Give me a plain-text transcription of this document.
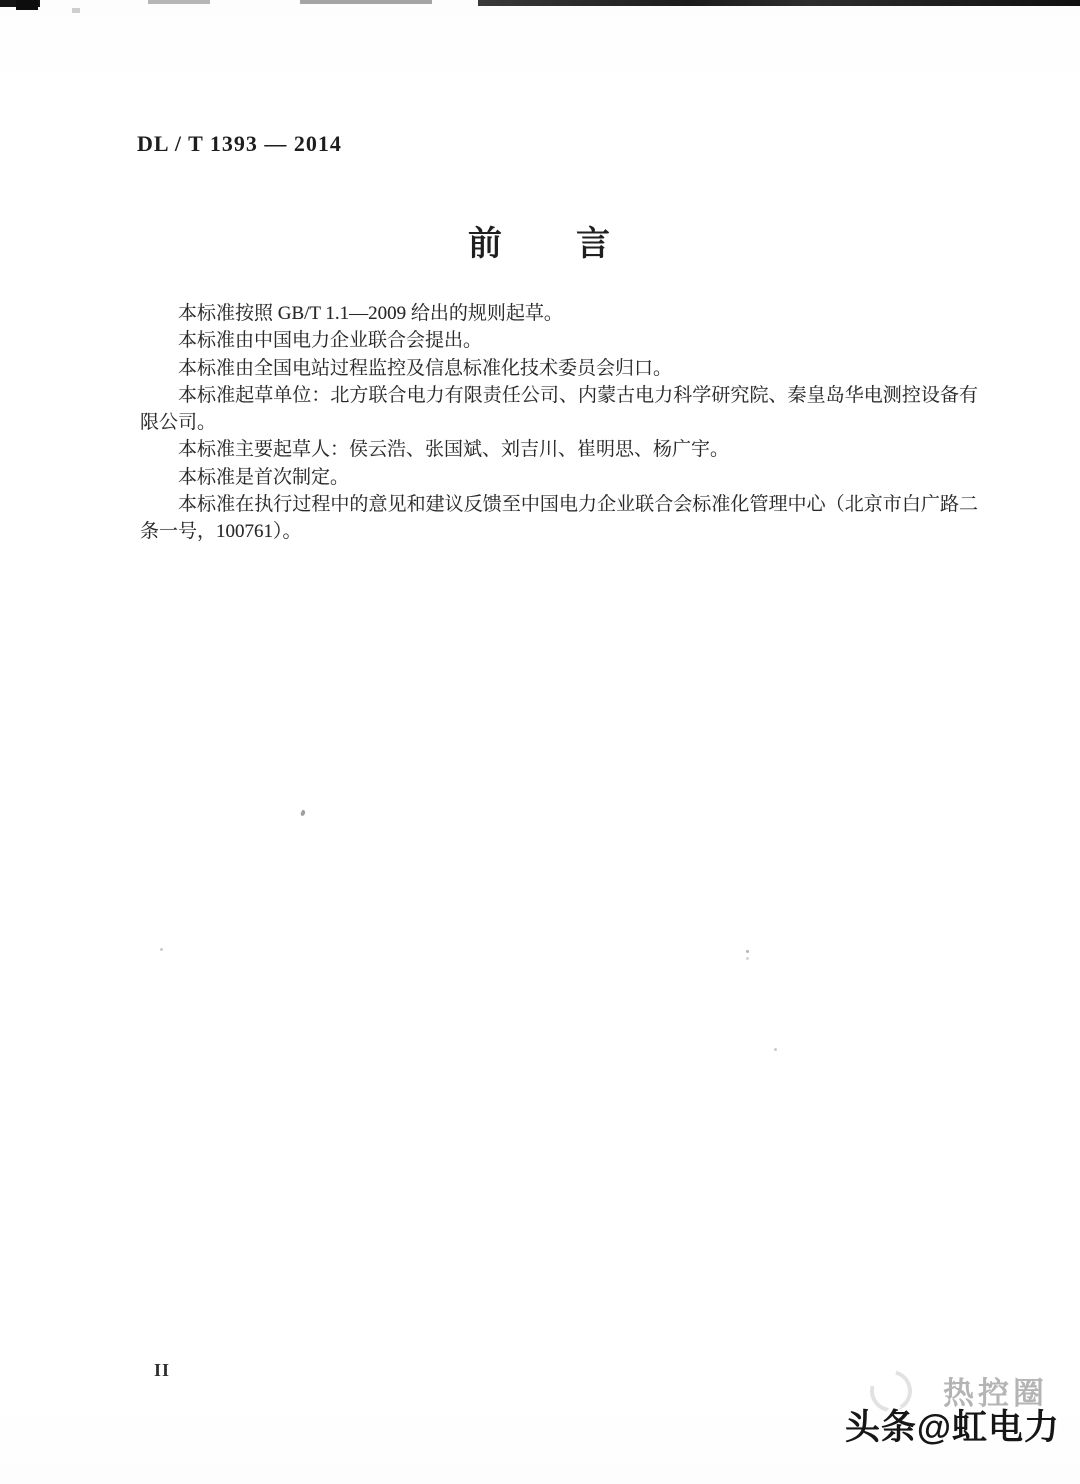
DL / T 1393 — 2014
前　　言

本标准按照 GB/T 1.1—2009 给出的规则起草。

本标准由中国电力企业联合会提出。

本标准由全国电站过程监控及信息标准化技术委员会归口。

本标准起草单位：北方联合电力有限责任公司、内蒙古电力科学研究院、秦皇岛华电测控设备有限公司。

本标准主要起草人：侯云浩、张国斌、刘吉川、崔明思、杨广宇。

本标准是首次制定。

本标准在执行过程中的意见和建议反馈至中国电力企业联合会标准化管理中心（北京市白广路二条一号，100761）。

II
热控圈
头条@虹电力
